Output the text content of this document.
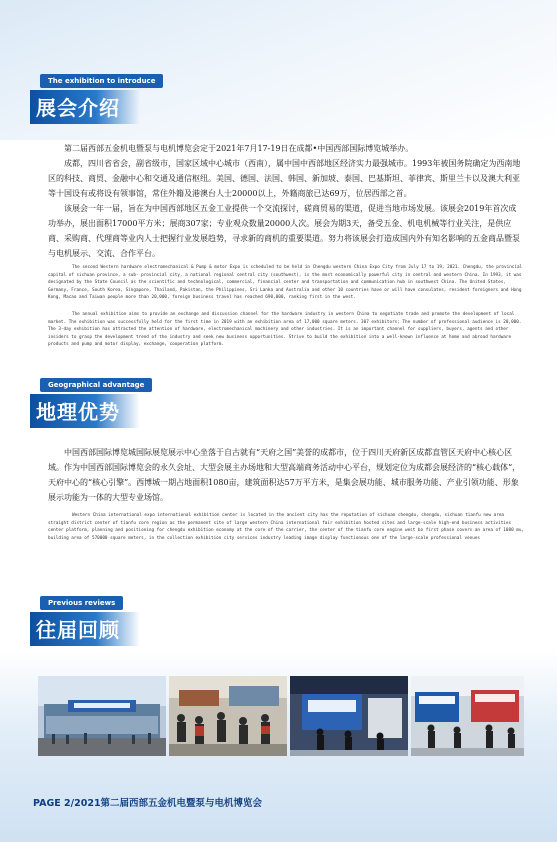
The exhibition to introduce
展会介绍

第二届西部五金机电暨泵与电机博览会定于2021年7月17-19日在成都•中国西部国际博览城举办。

成都，四川省省会，副省级市，国家区域中心城市（西南），属中国中西部地区经济实力最强城市。1993年被国务院确定为西南地区的科技、商贸、金融中心和交通及通信枢纽。美国、德国、法国、韩国、新加坡、泰国、巴基斯坦、菲律宾、斯里兰卡以及澳大利亚等十国设有或将设有领事馆，常住外籍及港澳台人士20000以上，外籍商旅已达69万，位居西部之首。

该展会一年一届，旨在为中国西部地区五金工业提供一个交流探讨，磋商贸易的渠道，促进当地市场发展。该展会2019年首次成功举办，展出面积17000平方米；展商307家；专业观众数量20000人次。展会为期3天，备受五金、机电机械等行业关注，是供应商、采购商、代理商等业内人士把握行业发展趋势，寻求新的商机的重要渠道。努力将该展会打造成国内外有知名影响的五金商品暨泵与电机展示、交流、合作平台。

The second Western hardware electromechanical & Pump & motor Expo is scheduled to be held in Chengdu western China Expo City from July 17 to 19, 2021. Chengdu, the provincial capital of sichuan province, a sub- provincial city, a national regional central city (southwest), is the most economically powerful city in central and western China. In 1993, it was designated by the State Council as the scientific and technological, commercial, financial center and transportation and communication hub in southwest China. The United States, Germany, France, South Korea, Singapore, Thailand, Pakistan, the Philippines, Sri Lanka and Australia and other 10 countries have or will have consulates, resident foreigners and Hong Kong, Macao and Taiwan people more than 20,000, foreign business travel has reached 690,000, ranking first in the west.

The annual exhibition aims to provide an exchange and discussion channel for the hardware industry in western China to negotiate trade and promote the development of local market. The exhibition was successfully held for the first time in 2019 with an exhibition area of 17,000 square meters. 307 exhibitors; The number of professional audience is 20,000. The 3-day exhibition has attracted the attention of hardware, electromechanical machinery and other industries. It is an important channel for suppliers, buyers, agents and other insiders to grasp the development trend of the industry and seek new business opportunities. Strive to build the exhibition into a well-known influence at home and abroad hardware products and pump and motor display, exchange, cooperation platform.

Geographical advantage
地理优势

中国西部国际博览城国际展览展示中心坐落于自古就有“天府之国”美誉的成都市，位于四川天府新区成都直管区天府中心核心区域。作为中国西部国际博览会的永久会址、大型会展主办场地和大型高端商务活动中心平台，规划定位为成都会展经济的“核心载体”，天府中心的“核心引擎”。西博城一期占地面积1080亩，建筑面积达57万平方米，是集会展功能、城市服务功能、产业引领功能、形象展示功能为一体的大型专业场馆。

Western China international expo international exhibition center is located in the ancient city has the reputation of sichuan chengdu, chengdu, sichuan tianfu new area straight district center of tianfu core region as the permanent site of large western China international fair exhibition hosted sites and large-scale high-end business activities center platform, planning and positioning for chengdu exhibition economy at the core of the carrier, the center of the tianfu core engine west bo first phase covers an area of 1080 mu, building area of 570000 square meters, in the collection exhibition city services industry leading image display functionous one of the large-scale professional venues

Previous reviews
往届回顾
PAGE 2/2021第二届西部五金机电暨泵与电机博览会
